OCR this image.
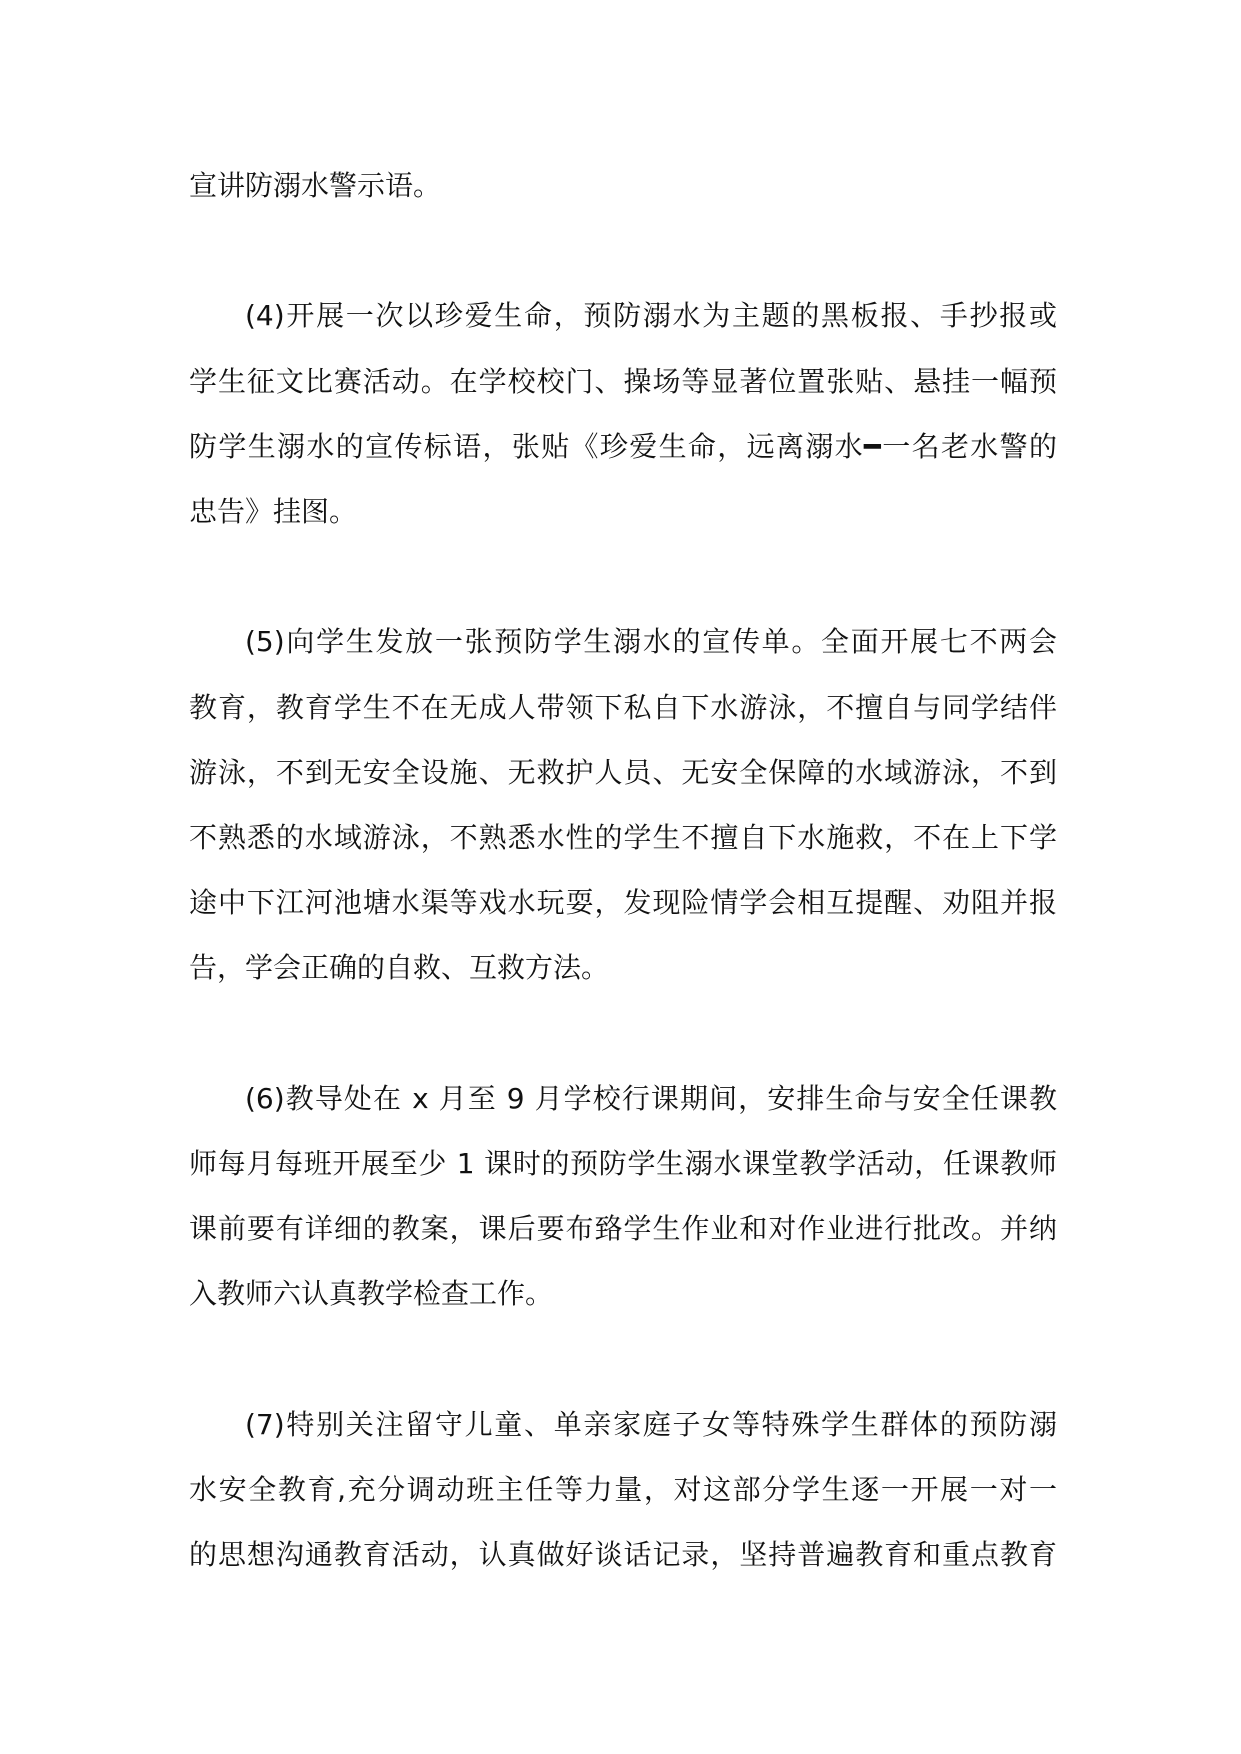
宣讲防溺水警示语。
(4)开展一次以珍爱生命，预防溺水为主题的黑板报、手抄报或
学生征文比赛活动。在学校校门、操场等显著位置张贴、悬挂一幅预
防学生溺水的宣传标语，张贴《珍爱生命，远离溺水━一名老水警的
忠告》挂图。
(5)向学生发放一张预防学生溺水的宣传单。全面开展七不两会
教育，教育学生不在无成人带领下私自下水游泳，不擅自与同学结伴
游泳，不到无安全设施、无救护人员、无安全保障的水域游泳，不到
不熟悉的水域游泳，不熟悉水性的学生不擅自下水施救，不在上下学
途中下江河池塘水渠等戏水玩耍，发现险情学会相互提醒、劝阻并报
告，学会正确的自救、互救方法。
(6)教导处在 x 月至 9 月学校行课期间，安排生命与安全任课教
师每月每班开展至少 1 课时的预防学生溺水课堂教学活动，任课教师
课前要有详细的教案，课后要布臵学生作业和对作业进行批改。并纳
入教师六认真教学检查工作。
(7)特别关注留守儿童、单亲家庭子女等特殊学生群体的预防溺
水安全教育,充分调动班主任等力量，对这部分学生逐一开展一对一
的思想沟通教育活动，认真做好谈话记录，坚持普遍教育和重点教育
